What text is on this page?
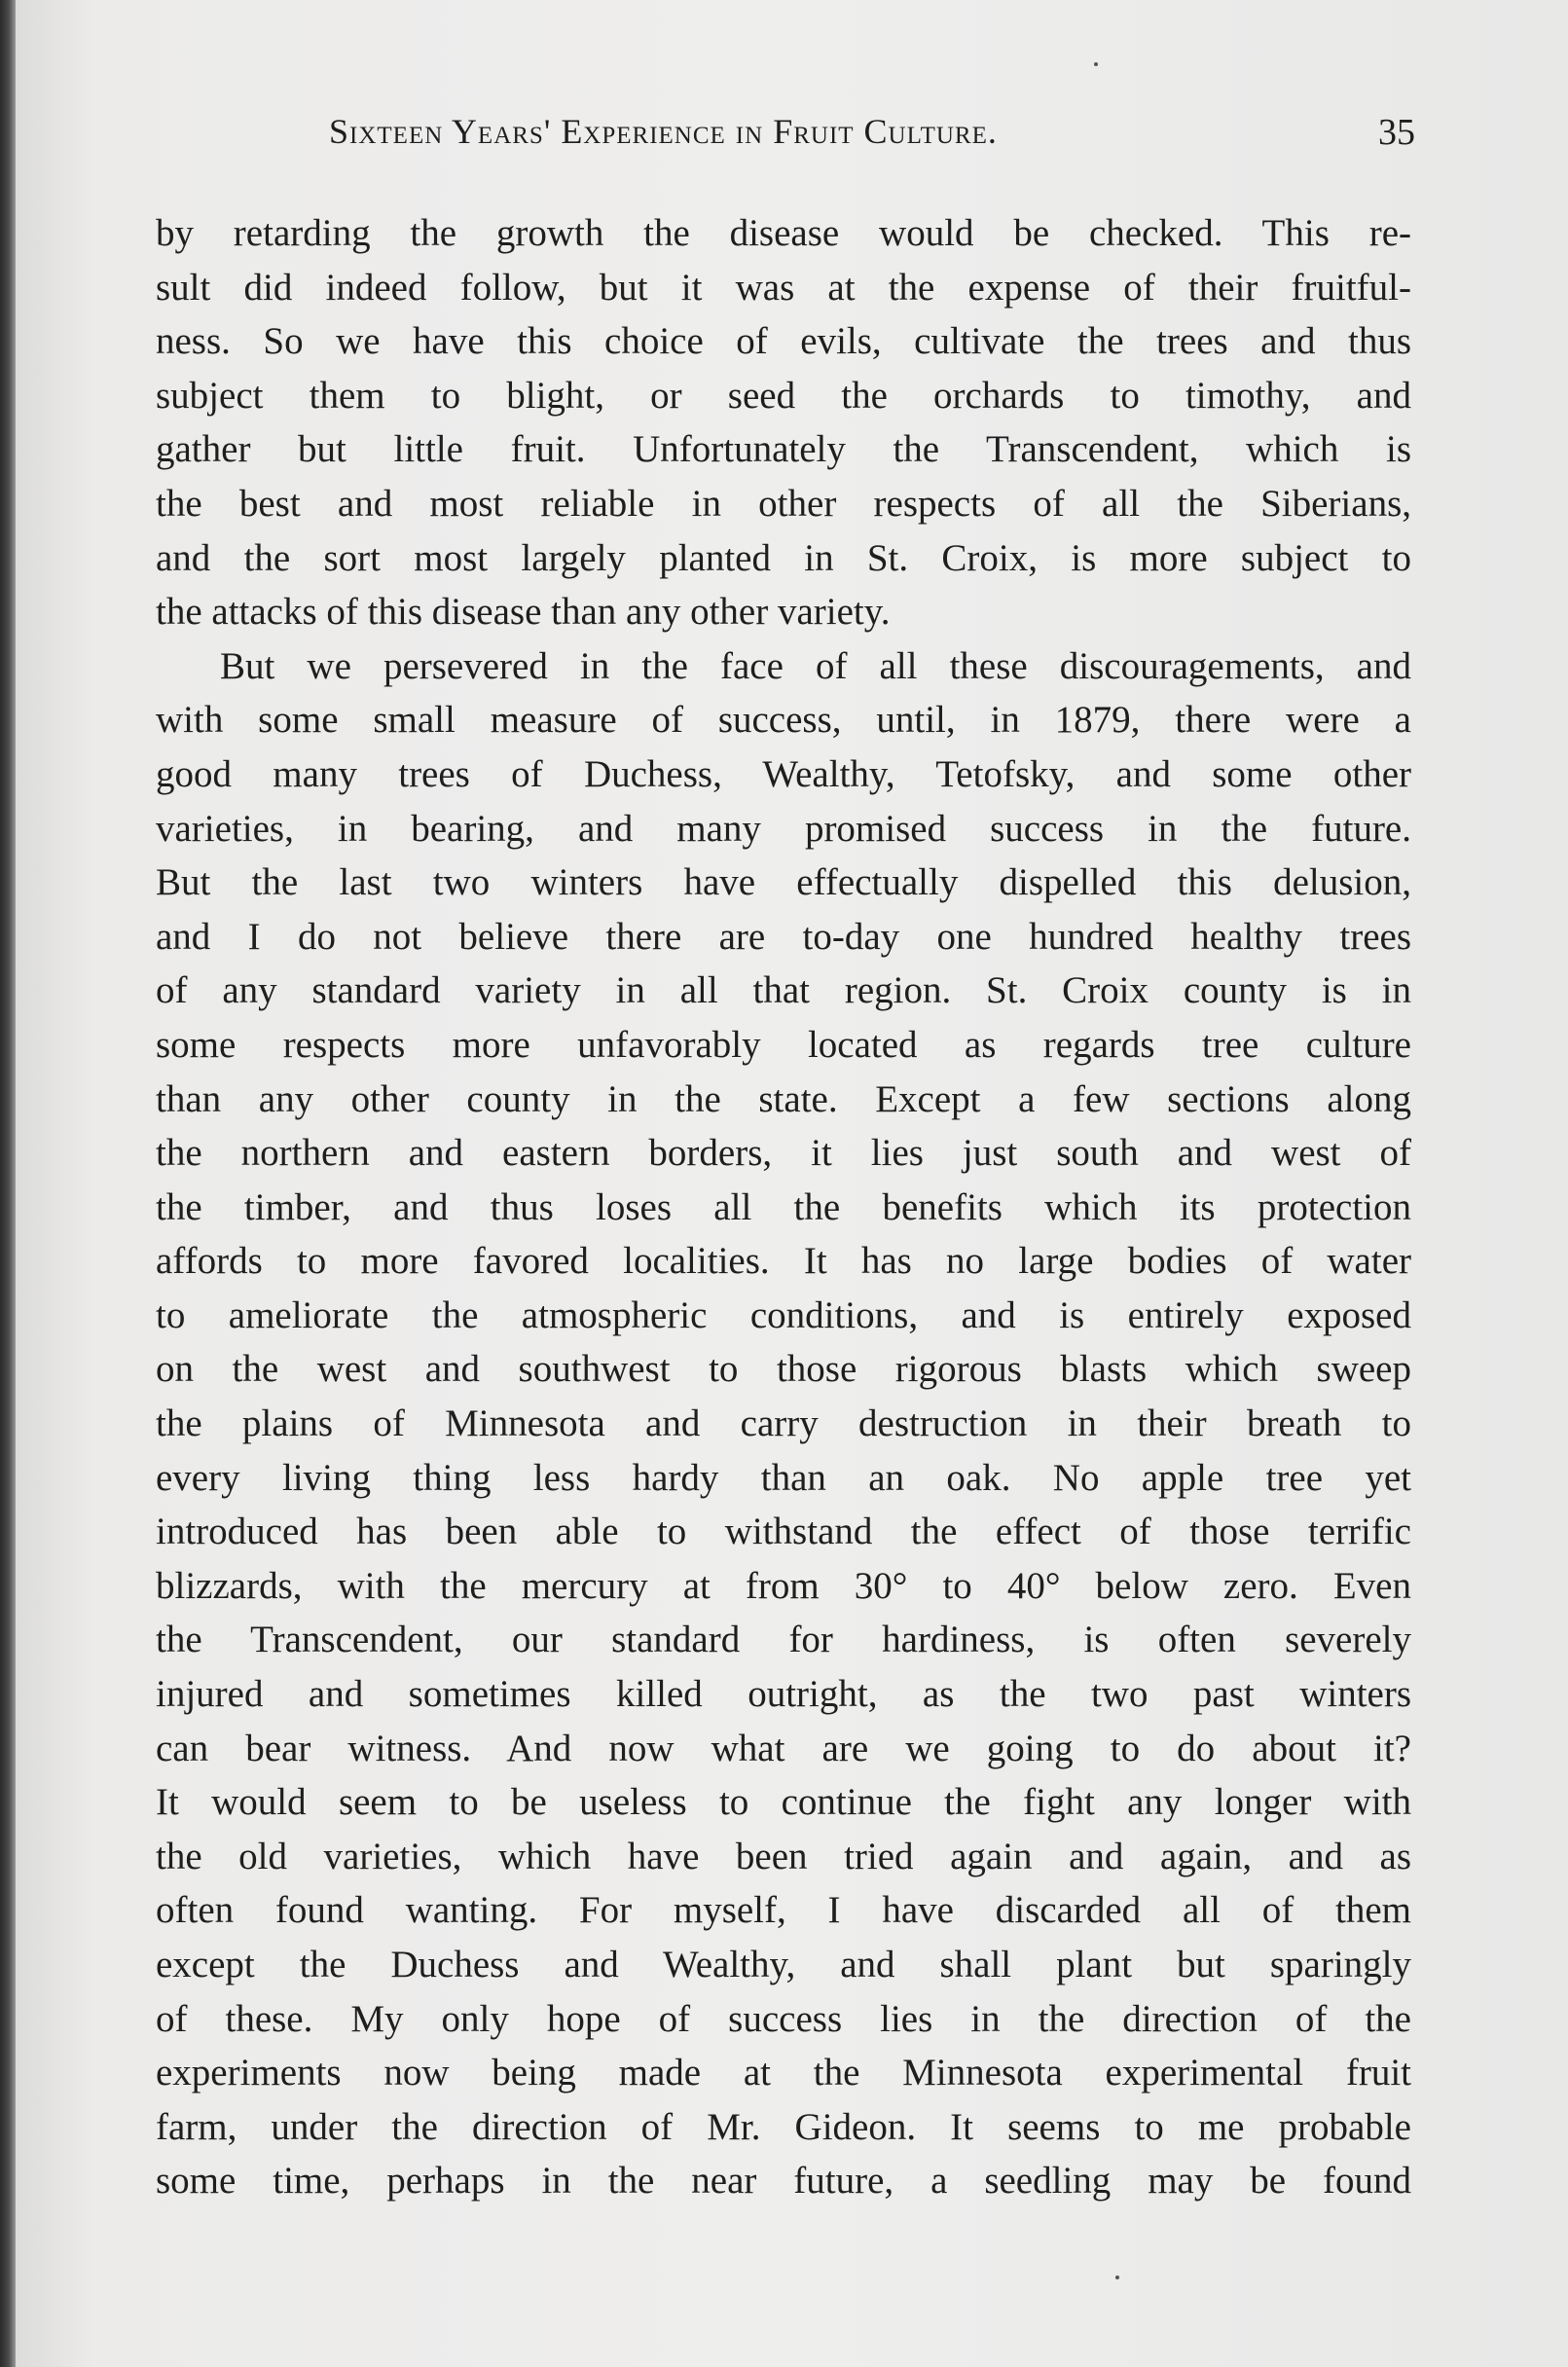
Sixteen Years' Experience in Fruit Culture.	35
by retarding the growth the disease would be checked. This re-
sult did indeed follow, but it was at the expense of their fruitful-
ness. So we have this choice of evils, cultivate the trees and thus
subject them to blight, or seed the orchards to timothy, and
gather but little fruit. Unfortunately the Transcendent, which is
the best and most reliable in other respects of all the Siberians,
and the sort most largely planted in St. Croix, is more subject to
the attacks of this disease than any other variety.
But we persevered in the face of all these discouragements, and
with some small measure of success, until, in 1879, there were a
good many trees of Duchess, Wealthy, Tetofsky, and some other
varieties, in bearing, and many promised success in the future.
But the last two winters have effectually dispelled this delusion,
and I do not believe there are to-day one hundred healthy trees
of any standard variety in all that region. St. Croix county is in
some respects more unfavorably located as regards tree culture
than any other county in the state. Except a few sections along
the northern and eastern borders, it lies just south and west of
the timber, and thus loses all the benefits which its protection
affords to more favored localities. It has no large bodies of water
to ameliorate the atmospheric conditions, and is entirely exposed
on the west and southwest to those rigorous blasts which sweep
the plains of Minnesota and carry destruction in their breath to
every living thing less hardy than an oak. No apple tree yet
introduced has been able to withstand the effect of those terrific
blizzards, with the mercury at from 30° to 40° below zero. Even
the Transcendent, our standard for hardiness, is often severely
injured and sometimes killed outright, as the two past winters
can bear witness. And now what are we going to do about it?
It would seem to be useless to continue the fight any longer with
the old varieties, which have been tried again and again, and as
often found wanting. For myself, I have discarded all of them
except the Duchess and Wealthy, and shall plant but sparingly
of these. My only hope of success lies in the direction of the
experiments now being made at the Minnesota experimental fruit
farm, under the direction of Mr. Gideon. It seems to me probable
some time, perhaps in the near future, a seedling may be found
